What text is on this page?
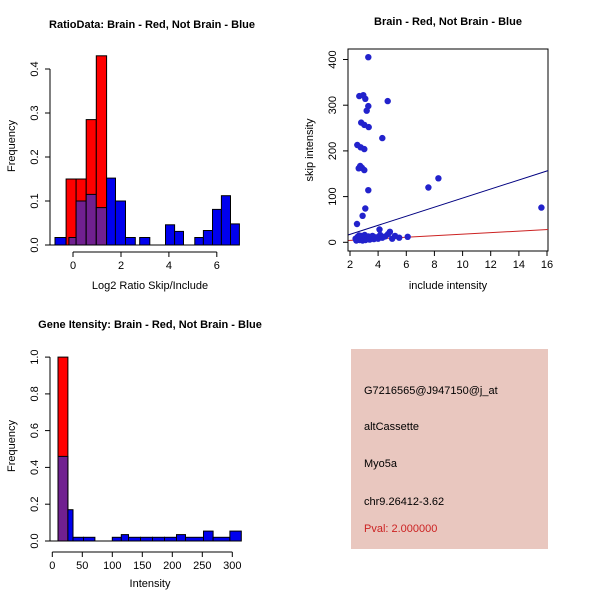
0	2	4	6
0.0
0.1
0.2
0.3
0.4
RatioData: Brain - Red, Not Brain - Blue
Log2 Ratio Skip/Include
Frequency
2 4 6 8 10 12 14 16
0
100
200
300
400
Brain - Red, Not Brain - Blue
include intensity
skip intensity
0 50 100 150 200 250 300
0.0
0.2
0.4
0.6
0.8
1.0
Gene Itensity: Brain - Red, Not Brain - Blue
Intensity
Frequency
G7216565@J947150@j_at
altCassette
Myo5a
chr9.26412-3.62
Pval: 2.000000
